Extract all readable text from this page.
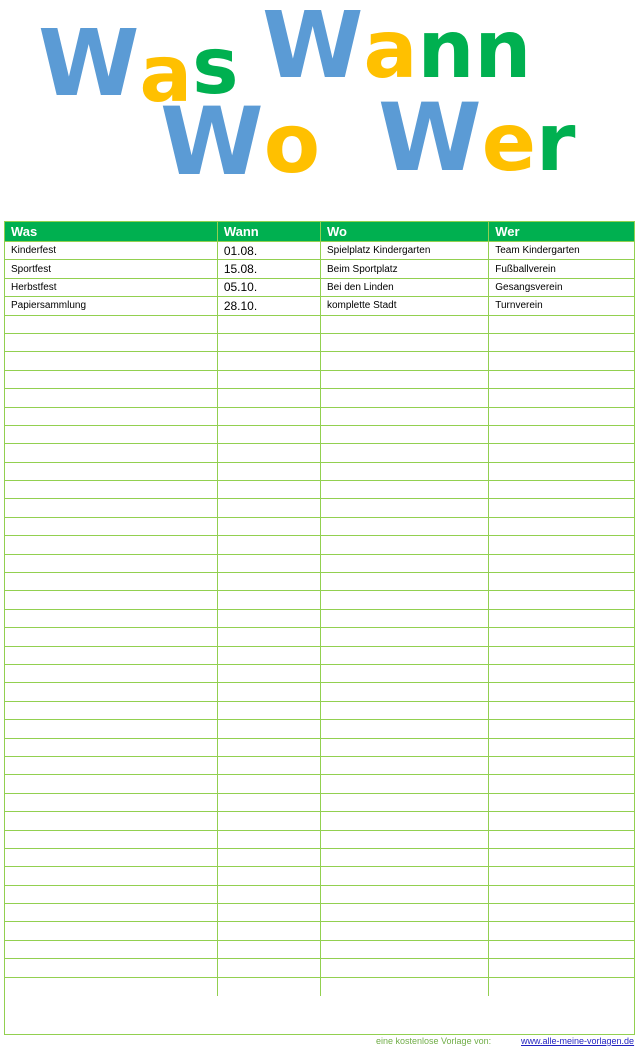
Was Wann
Wo Wer
Was	Wann	Wo	Wer
Kinderfest	01.08.	Spielplatz Kindergarten	Team Kindergarten
Sportfest	15.08.	Beim Sportplatz	Fußballverein
Herbstfest	05.10.	Bei den Linden	Gesangsverein
Papiersammlung	28.10.	komplette Stadt	Turnverein

eine kostenlose Vorlage von:	www.alle-meine-vorlagen.de
